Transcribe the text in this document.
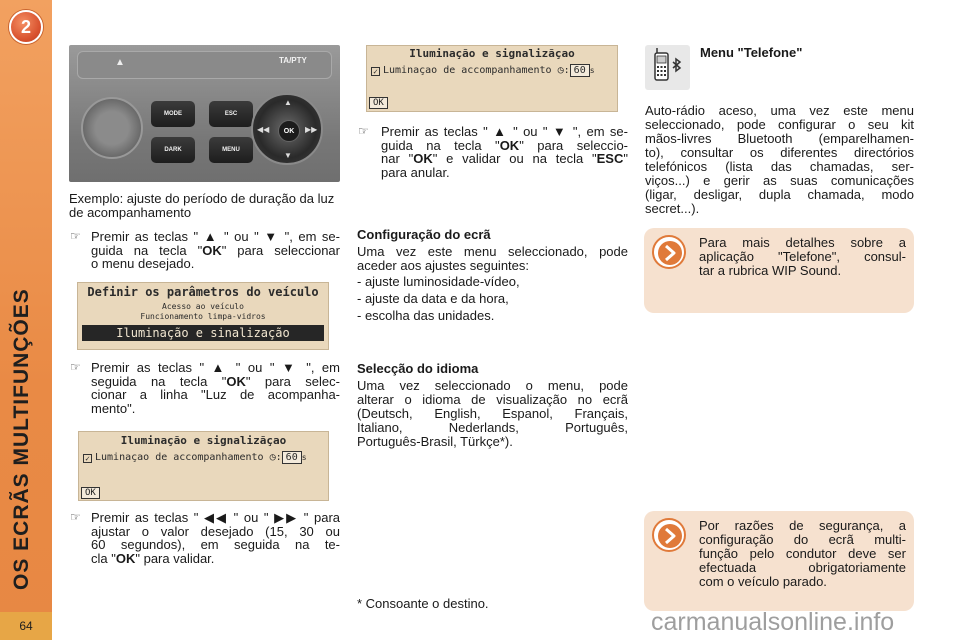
2
OS ECRÃS MULTIFUNÇÕES
64
▲	TA/PTY
MODE
DARK
ESC
MENU
▲
▼
◀◀	▶▶
OK
Exemplo: ajuste do período de duração da luz de acompanhamento
☞ Premir as teclas " ▲ " ou " ▼ ", em se-
guida na tecla "OK" para seleccionar
o menu desejado.
Definir os parâmetros do veículo
Acesso ao veículo
Funcionamento limpa-vidros
Iluminação e sinalização
☞ Premir as teclas " ▲ " ou " ▼ ", em
seguida na tecla "OK" para selec-
cionar a linha "Luz de acompanha-
mento".
Iluminação e signalizãçao
✓ Luminaçao de accompanhamento ◷: 60 s
OK
☞ Premir as teclas " ◀◀ " ou " ▶▶ " para
ajustar o valor desejado (15, 30 ou
60 segundos), em seguida na te-
cla "OK" para validar.
Iluminação e signalizãçao
✓ Luminaçao de accompanhamento ◷: 60 s
OK
☞ Premir as teclas " ▲ " ou " ▼ ", em se-
guida na tecla "OK" para seleccio-
nar "OK" e validar ou na tecla "ESC"
para anular.
Configuração do ecrã
Uma vez este menu seleccionado, pode
aceder aos ajustes seguintes:
- ajuste luminosidade-vídeo,
- ajuste da data e da hora,
- escolha das unidades.
Selecção do idioma
Uma vez seleccionado o menu, pode
alterar o idioma de visualização no ecrã
(Deutsch, English, Espanol, Français,
Italiano, Nederlands, Português,
Português-Brasil, Türkçe*).
* Consoante o destino.
Menu "Telefone"
Auto-rádio aceso, uma vez este menu
seleccionado, pode configurar o seu kit
mãos-livres Bluetooth (emparelhamen-
to), consultar os diferentes directórios
telefónicos (lista das chamadas, ser-
viços...) e gerir as suas comunicações
(ligar, desligar, dupla chamada, modo
secret...).
Para mais detalhes sobre a
aplicação "Telefone", consul-
tar a rubrica WIP Sound.
Por razões de segurança, a
configuração do ecrã multi-
função pelo condutor deve ser
efectuada obrigatoriamente
com o veículo parado.
carmanualsonline.info
